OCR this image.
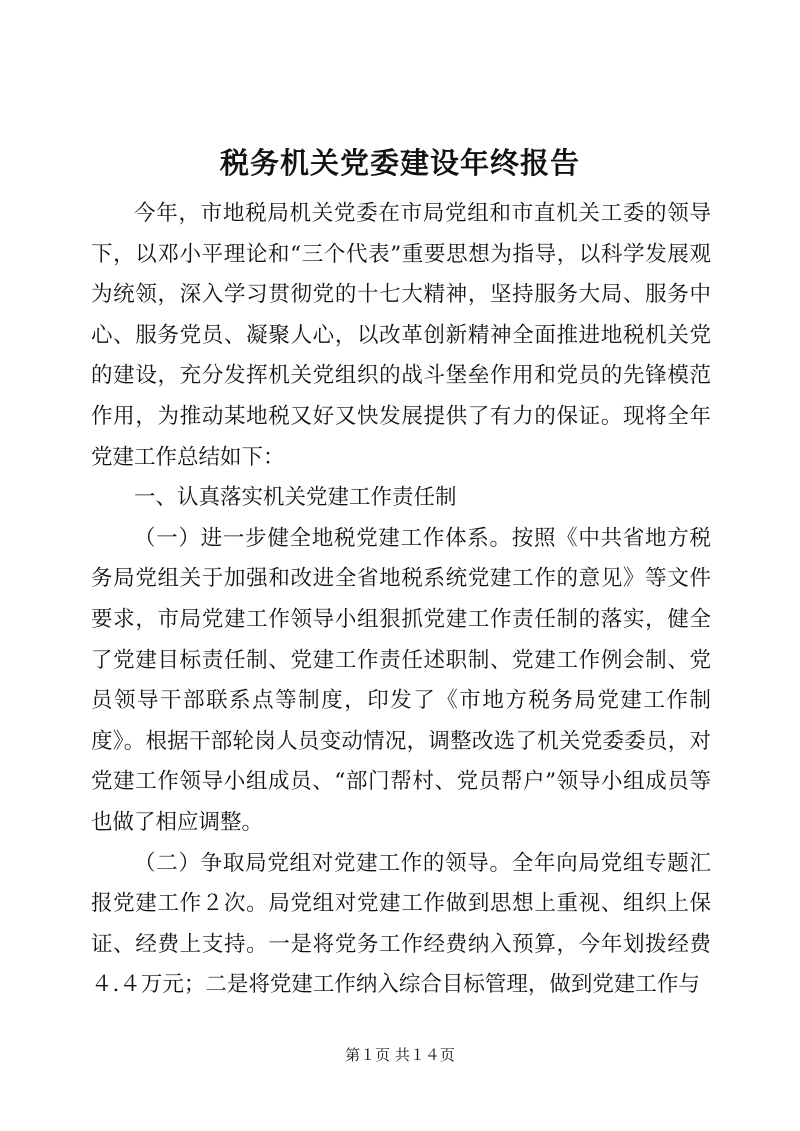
税务机关党委建设年终报告

今年，市地税局机关党委在市局党组和市直机关工委的领导下，以邓小平理论和“三个代表”重要思想为指导，以科学发展观为统领，深入学习贯彻党的十七大精神，坚持服务大局、服务中心、服务党员、凝聚人心，以改革创新精神全面推进地税机关党的建设，充分发挥机关党组织的战斗堡垒作用和党员的先锋模范作用，为推动某地税又好又快发展提供了有力的保证。现将全年党建工作总结如下：

一、认真落实机关党建工作责任制

（一）进一步健全地税党建工作体系。按照《中共省地方税务局党组关于加强和改进全省地税系统党建工作的意见》等文件要求，市局党建工作领导小组狠抓党建工作责任制的落实，健全了党建目标责任制、党建工作责任述职制、党建工作例会制、党员领导干部联系点等制度，印发了《市地方税务局党建工作制度》。根据干部轮岗人员变动情况，调整改选了机关党委委员，对党建工作领导小组成员、“部门帮村、党员帮户”领导小组成员等也做了相应调整。

（二）争取局党组对党建工作的领导。全年向局党组专题汇报党建工作２次。局党组对党建工作做到思想上重视、组织上保证、经费上支持。一是将党务工作经费纳入预算，今年划拨经费４.４万元；二是将党建工作纳入综合目标管理，做到党建工作与

第１页 共１４页
